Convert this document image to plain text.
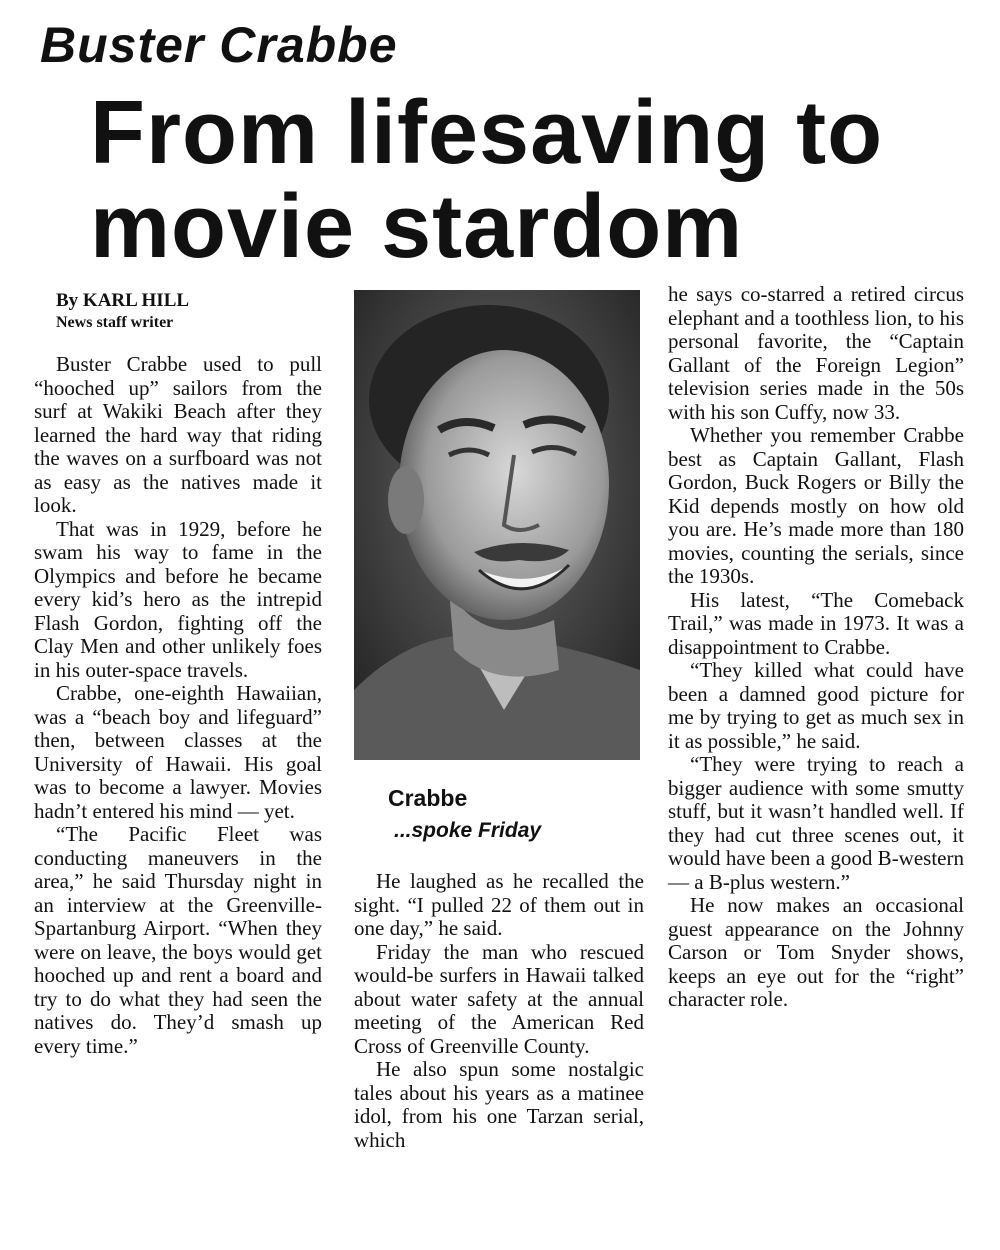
Buster Crabbe
From lifesaving to movie stardom
By KARL HILL
News staff writer

Buster Crabbe used to pull “hooched up” sailors from the surf at Wakiki Beach after they learned the hard way that riding the waves on a surfboard was not as easy as the natives made it look.

That was in 1929, before he swam his way to fame in the Olympics and before he became every kid’s hero as the intrepid Flash Gordon, fighting off the Clay Men and other unlikely foes in his outer-space travels.

Crabbe, one-eighth Hawaiian, was a “beach boy and lifeguard” then, between classes at the University of Hawaii. His goal was to become a lawyer. Movies hadn’t entered his mind — yet.

“The Pacific Fleet was conducting maneuvers in the area,” he said Thursday night in an interview at the Greenville-Spartanburg Airport. “When they were on leave, the boys would get hooched up and rent a board and try to do what they had seen the natives do. They’d smash up every time.”

Crabbe
...spoke Friday

He laughed as he recalled the sight. “I pulled 22 of them out in one day,” he said.

Friday the man who rescued would-be surfers in Hawaii talked about water safety at the annual meeting of the American Red Cross of Greenville County.

He also spun some nostalgic tales about his years as a matinee idol, from his one Tarzan serial, which

he says co-starred a retired circus elephant and a toothless lion, to his personal favorite, the “Captain Gallant of the Foreign Legion” television series made in the 50s with his son Cuffy, now 33.

Whether you remember Crabbe best as Captain Gallant, Flash Gordon, Buck Rogers or Billy the Kid depends mostly on how old you are. He’s made more than 180 movies, counting the serials, since the 1930s.

His latest, “The Comeback Trail,” was made in 1973. It was a disappointment to Crabbe.

“They killed what could have been a damned good picture for me by trying to get as much sex in it as possible,” he said.

“They were trying to reach a bigger audience with some smutty stuff, but it wasn’t handled well. If they had cut three scenes out, it would have been a good B-western — a B-plus western.”

He now makes an occasional guest appearance on the Johnny Carson or Tom Snyder shows, keeps an eye out for the “right” character role.
